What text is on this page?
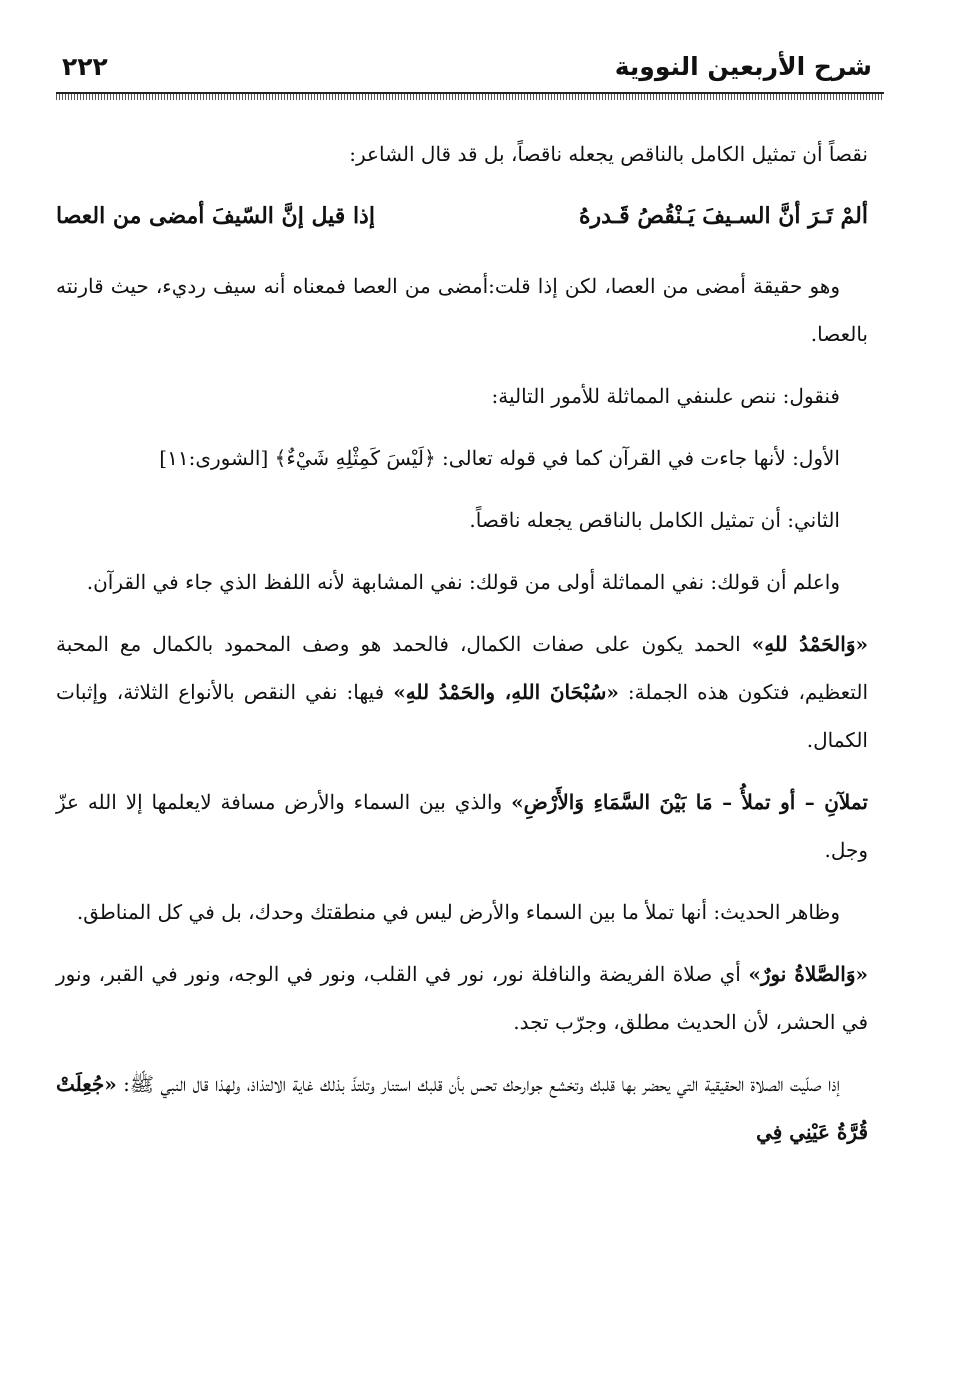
شرح الأربعين النووية
٢٢٢

نقصاً أن تمثيل الكامل بالناقص يجعله ناقصاً، بل قد قال الشاعر:

ألمْ تَـرَ أنَّ السـيفَ يَـنْقُصُ قَـدرهُ
إذا قيل إنَّ السّيفَ أمضى من العصا

وهو حقيقة أمضى من العصا، لكن إذا قلت:أمضى من العصا فمعناه أنه سيف رديء، حيث قارنته بالعصا.

فنقول: ننص علىنفي المماثلة للأمور التالية:

الأول: لأنها جاءت في القرآن كما في قوله تعالى: ﴿لَيْسَ كَمِثْلِهِ شَيْءٌ﴾ [الشورى:١١]

الثاني: أن تمثيل الكامل بالناقص يجعله ناقصاً.

واعلم أن قولك: نفي المماثلة أولى من قولك: نفي المشابهة لأنه اللفظ الذي جاء في القرآن.

«وَالحَمْدُ للهِ» الحمد يكون على صفات الكمال، فالحمد هو وصف المحمود بالكمال مع المحبة التعظيم، فتكون هذه الجملة: «سُبْحَانَ اللهِ، والحَمْدُ للهِ» فيها: نفي النقص بالأنواع الثلاثة، وإثبات الكمال.

تملآنِ – أو تملأُ – مَا بَيْنَ السَّمَاءِ وَالأَرْضِ» والذي بين السماء والأرض مسافة لايعلمها إلا الله عزّ وجل.

وظاهر الحديث: أنها تملأ ما بين السماء والأرض ليس في منطقتك وحدك، بل في كل المناطق.

«وَالصَّلاةُ نورٌ» أي صلاة الفريضة والنافلة نور، نور في القلب، ونور في الوجه، ونور في القبر، ونور في الحشر، لأن الحديث مطلق، وجرّب تجد.

إذا صلّيت الصلاة الحقيقية التي يحضر بها قلبك وتخشع جوارحك تحس بأن قلبك استنار وتلتذّ بذلك غاية الالتذاذ، ولهذا قال النبي ﷺ: «جُعِلَتْ قُرَّةُ عَيْنِي فِي
